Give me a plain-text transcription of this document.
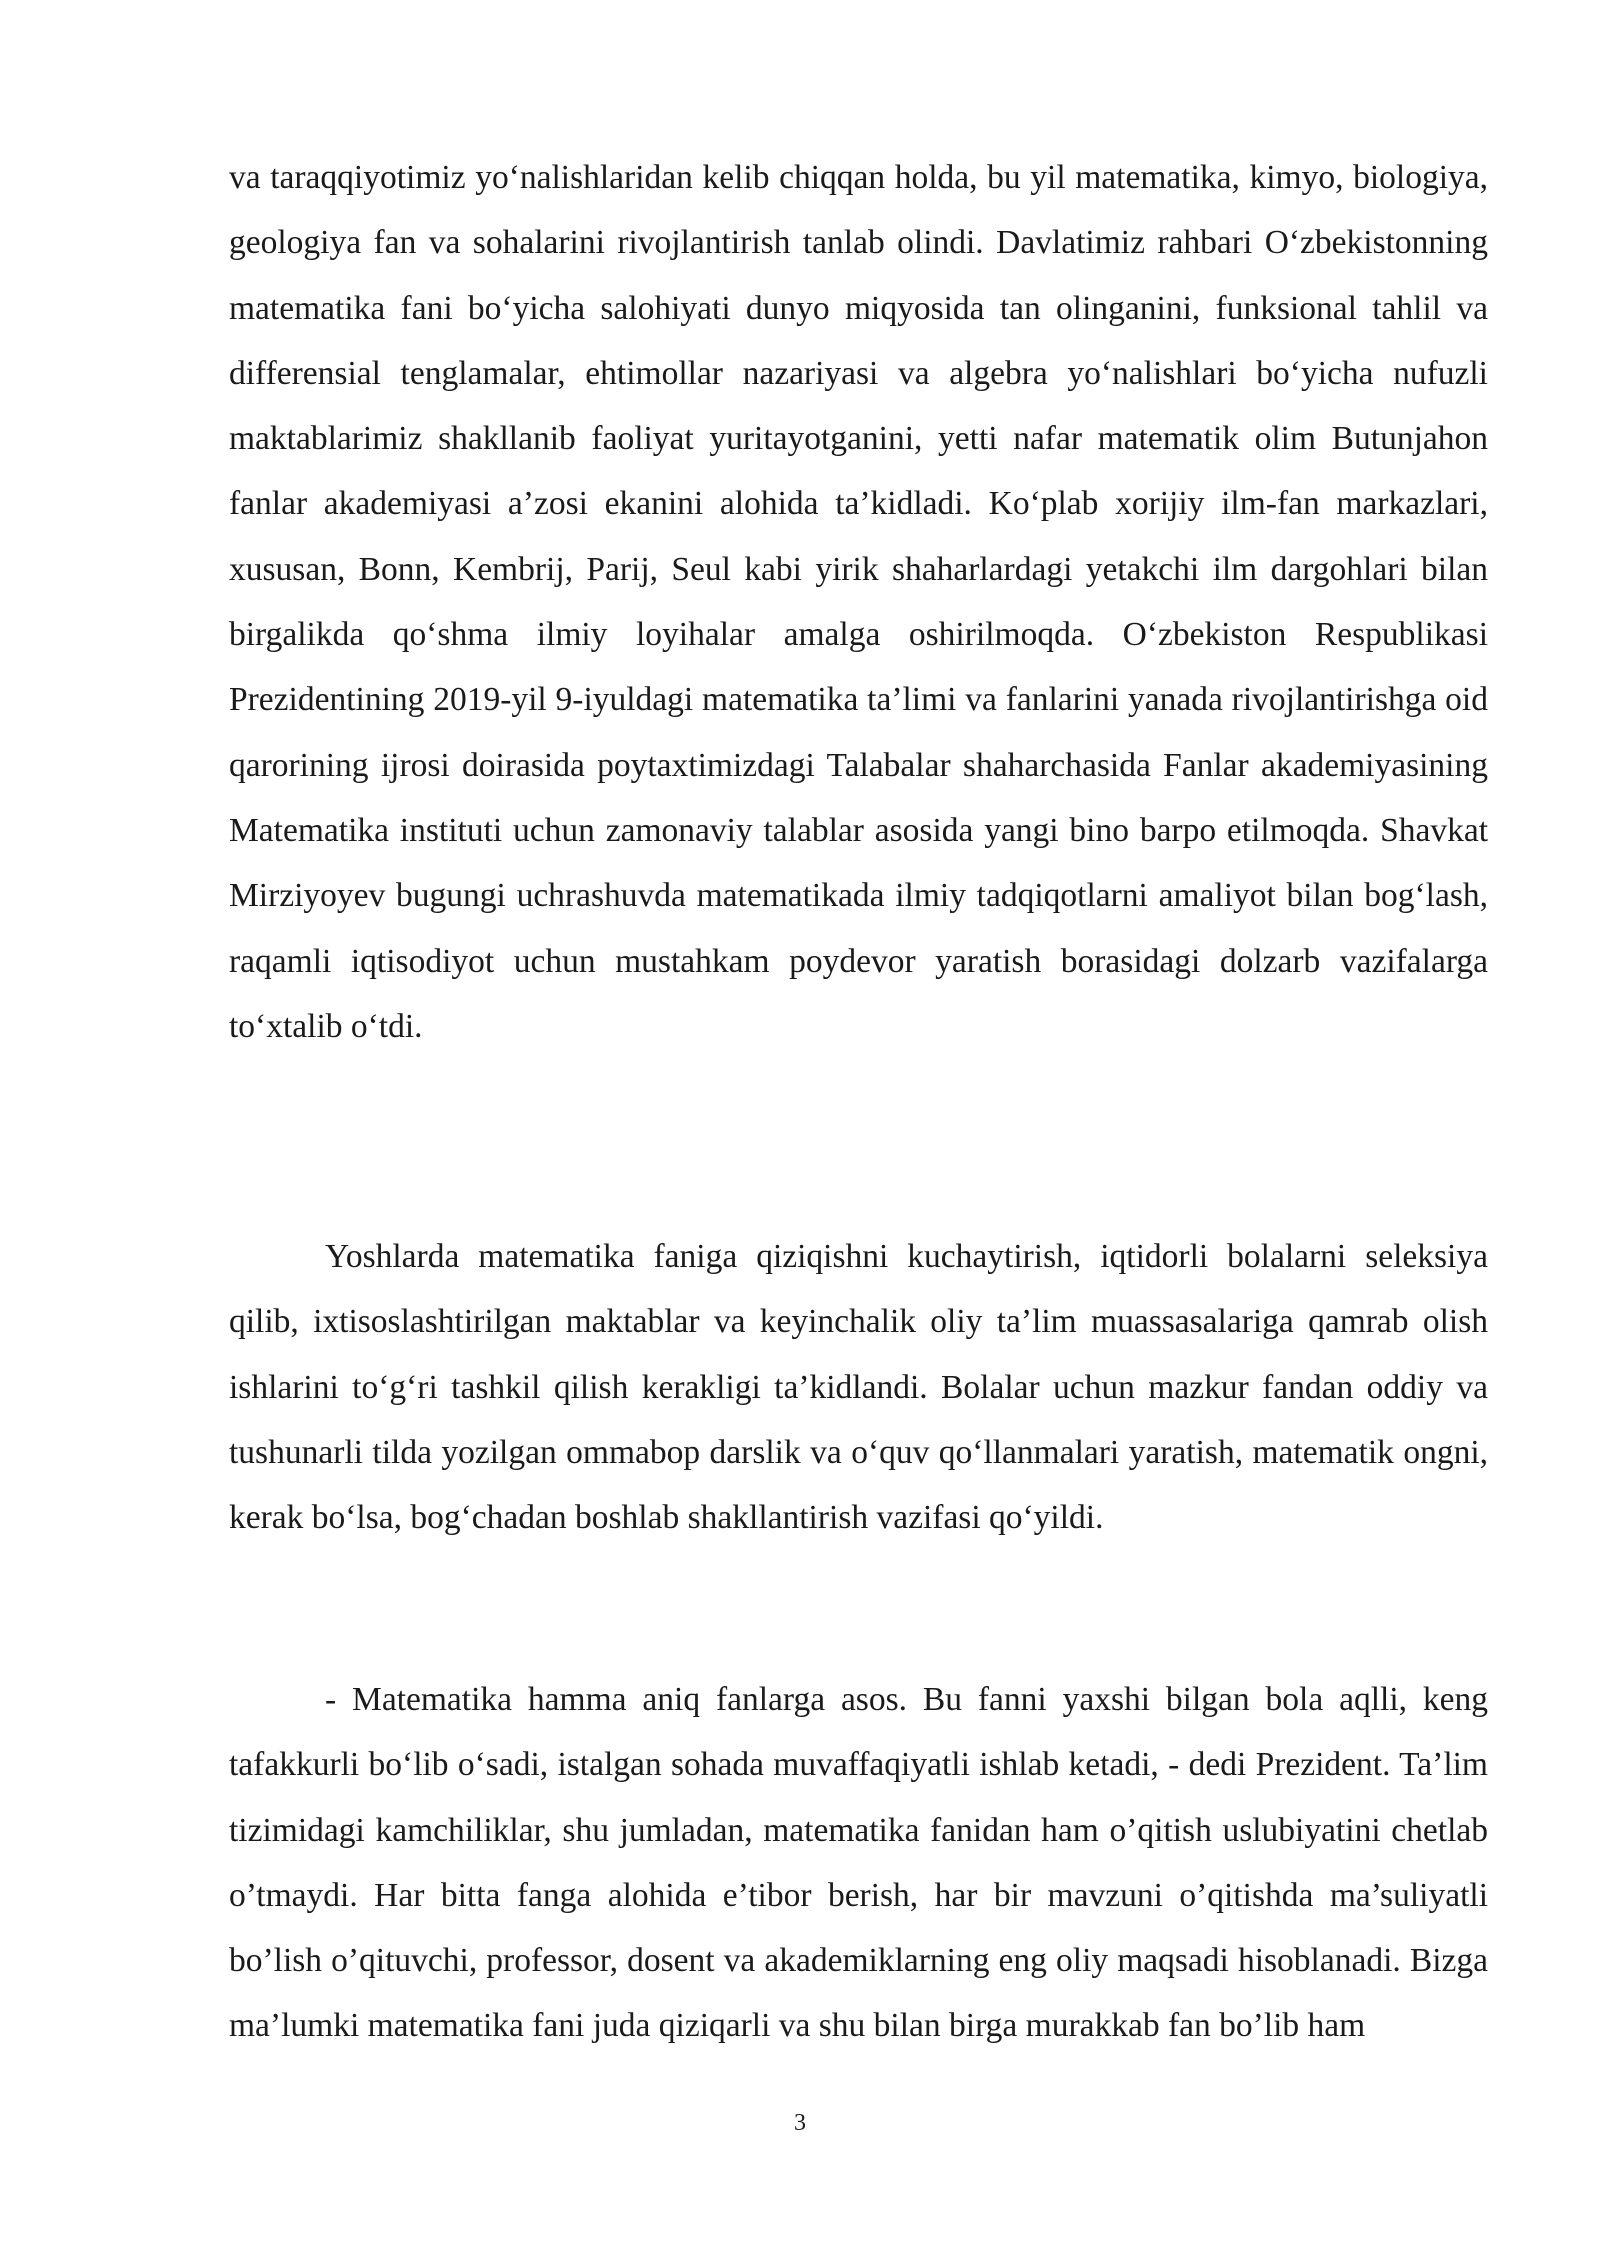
va taraqqiyotimiz yo‘nalishlaridan kelib chiqqan holda, bu yil matematika, kimyo, biologiya, geologiya fan va sohalarini rivojlantirish tanlab olindi. Davlatimiz rahbari O‘zbekistonning matematika fani bo‘yicha salohiyati dunyo miqyosida tan olinganini, funksional tahlil va differensial tenglamalar, ehtimollar nazariyasi va algebra yo‘nalishlari bo‘yicha nufuzli maktablarimiz shakllanib faoliyat yuritayotganini, yetti nafar matematik olim Butunjahon fanlar akademiyasi a’zosi ekanini alohida ta’kidladi. Ko‘plab xorijiy ilm-fan markazlari, xususan, Bonn, Kembrij, Parij, Seul kabi yirik shaharlardagi yetakchi ilm dargohlari bilan birgalikda qo‘shma ilmiy loyihalar amalga oshirilmoqda. O‘zbekiston Respublikasi Prezidentining 2019-yil 9-iyuldagi matematika ta’limi va fanlarini yanada rivojlantirishga oid qarorining ijrosi doirasida poytaxtimizdagi Talabalar shaharchasida Fanlar akademiyasining Matematika instituti uchun zamonaviy talablar asosida yangi bino barpo etilmoqda. Shavkat Mirziyoyev bugungi uchrashuvda matematikada ilmiy tadqiqotlarni amaliyot bilan bog‘lash, raqamli iqtisodiyot uchun mustahkam poydevor yaratish borasidagi dolzarb vazifalarga to‘xtalib o‘tdi.

Yoshlarda matematika faniga qiziqishni kuchaytirish, iqtidorli bolalarni seleksiya qilib, ixtisoslashtirilgan maktablar va keyinchalik oliy ta’lim muassasalariga qamrab olish ishlarini to‘g‘ri tashkil qilish kerakligi ta’kidlandi. Bolalar uchun mazkur fandan oddiy va tushunarli tilda yozilgan ommabop darslik va o‘quv qo‘llanmalari yaratish, matematik ongni, kerak bo‘lsa, bog‘chadan boshlab shakllantirish vazifasi qo‘yildi.

- Matematika hamma aniq fanlarga asos. Bu fanni yaxshi bilgan bola aqlli, keng tafakkurli bo‘lib o‘sadi, istalgan sohada muvaffaqiyatli ishlab ketadi, - dedi Prezident. Ta’lim tizimidagi kamchiliklar, shu jumladan, matematika fanidan ham o’qitish uslubiyatini chetlab o’tmaydi. Har bitta fanga alohida e’tibor berish, har bir mavzuni o’qitishda ma’suliyatli bo’lish o’qituvchi, professor, dosent va akademiklarning eng oliy maqsadi hisoblanadi. Bizga ma’lumki matematika fani juda qiziqarli va shu bilan birga murakkab fan bo’lib ham

3
